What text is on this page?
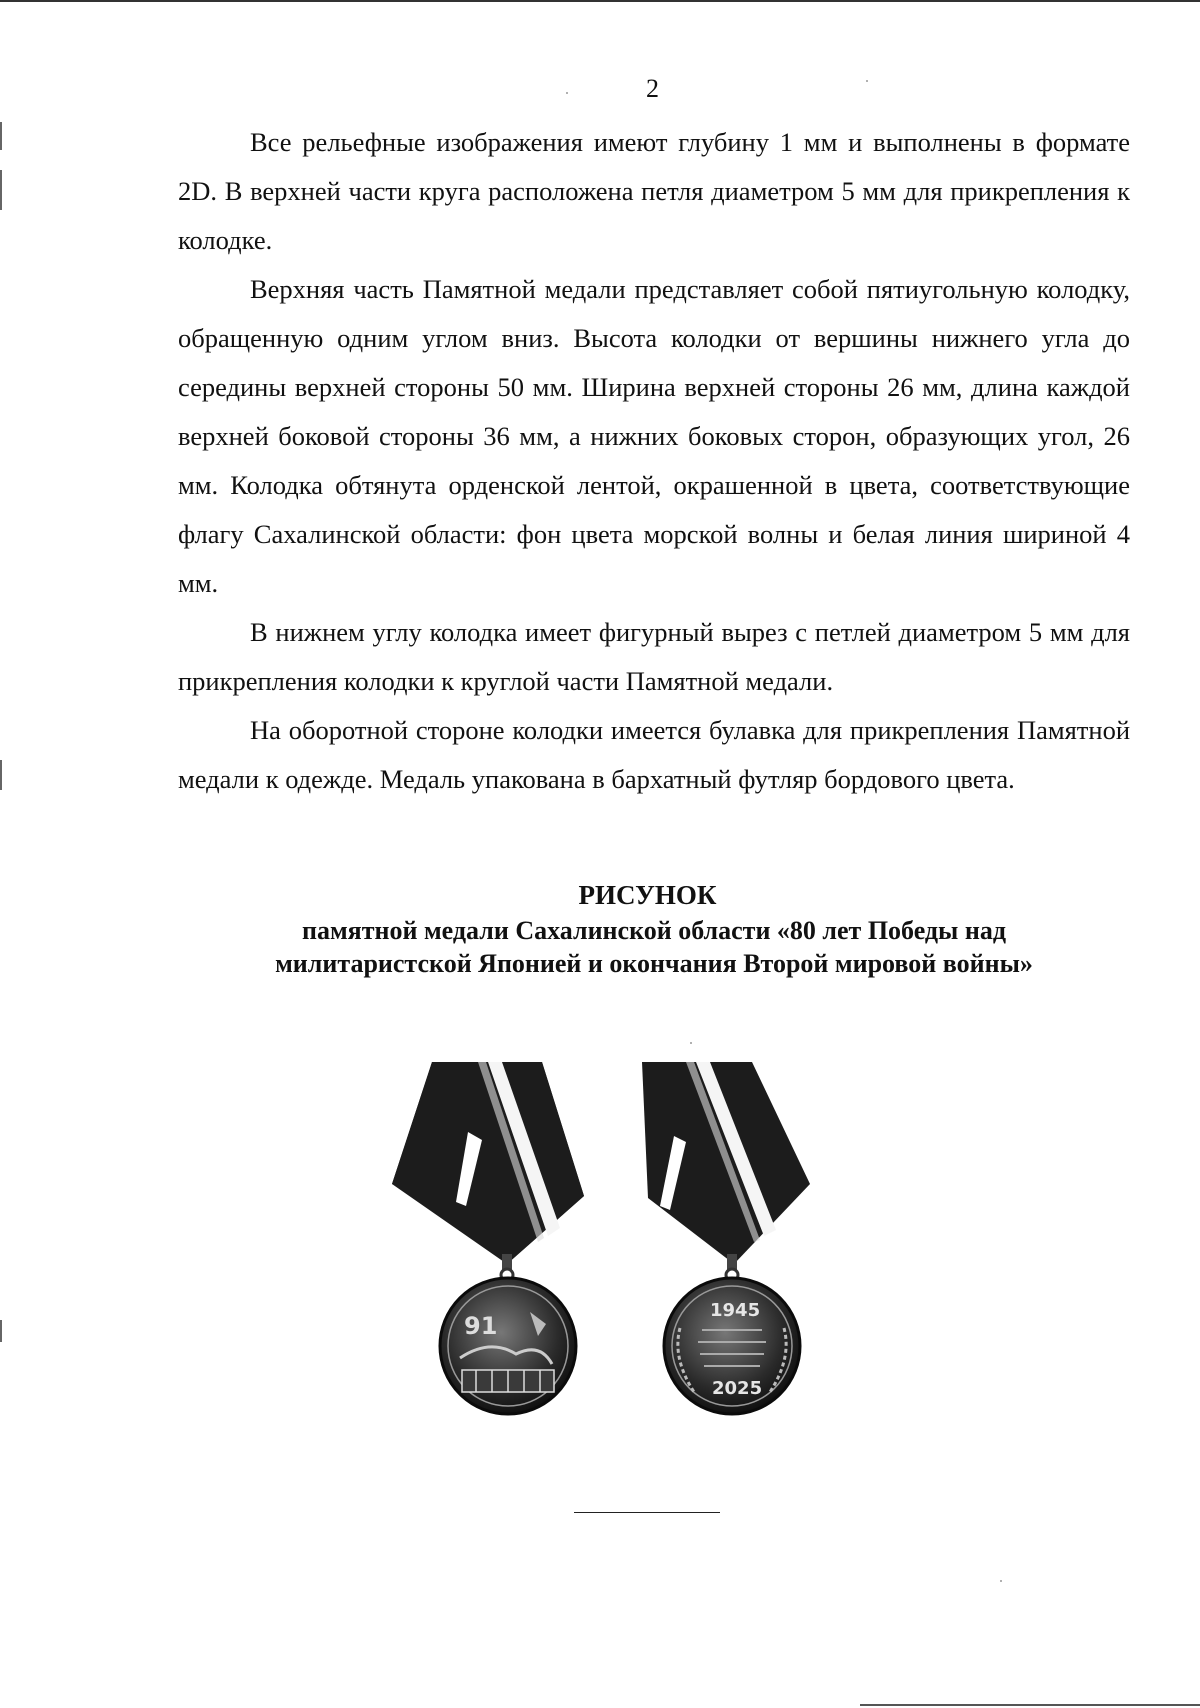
2

Все рельефные изображения имеют глубину 1 мм и выполнены в формате 2D. В верхней части круга расположена петля диаметром 5 мм для прикрепления к колодке.

Верхняя часть Памятной медали представляет собой пятиугольную колодку, обращенную одним углом вниз. Высота колодки от вершины нижнего угла до середины верхней стороны 50 мм. Ширина верхней стороны 26 мм, длина каждой верхней боковой стороны 36 мм, а нижних боковых сторон, образующих угол, 26 мм. Колодка обтянута орденской лентой, окрашенной в цвета, соответствующие флагу Сахалинской области: фон цвета морской волны и белая линия шириной 4 мм.

В нижнем углу колодка имеет фигурный вырез с петлей диаметром 5 мм для прикрепления колодки к круглой части Памятной медали.

На оборотной стороне колодки имеется булавка для прикрепления Памятной медали к одежде. Медаль упакована в бархатный футляр бордового цвета.

РИСУНОК
памятной медали Сахалинской области «80 лет Победы над
милитаристской Японией и окончания Второй мировой войны»
91
1945
2025
